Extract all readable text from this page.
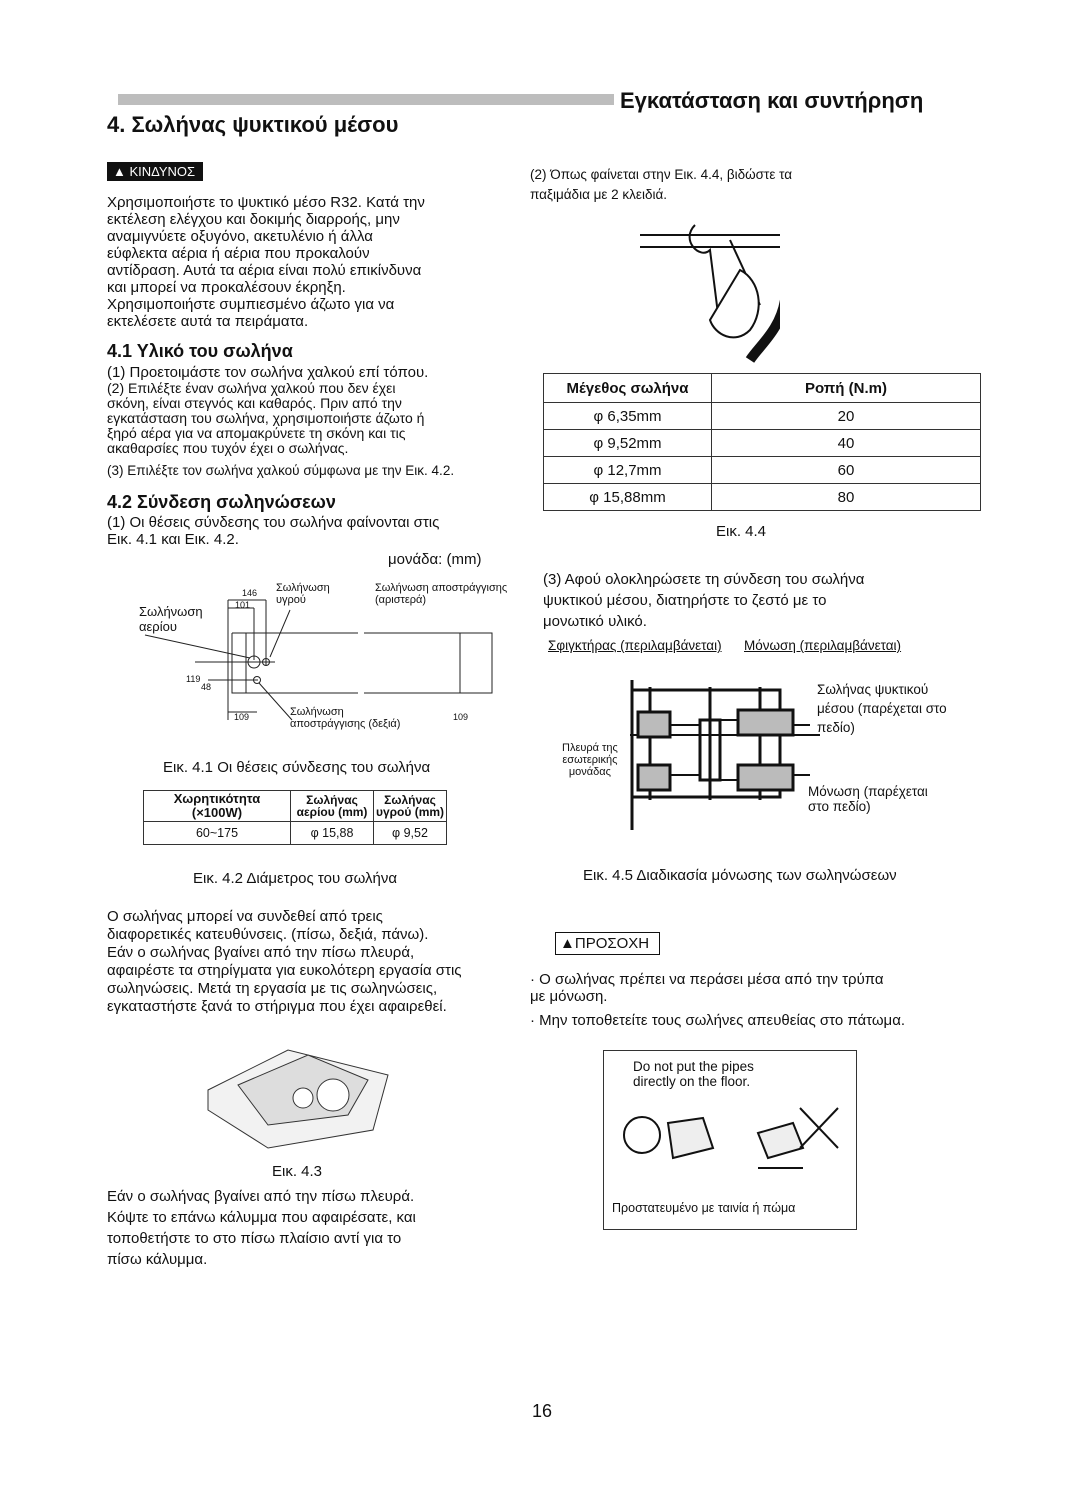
Εγκατάσταση και συντήρηση
4. Σωλήνας ψυκτικού μέσου
▲ ΚΙΝΔΥΝΟΣ
Χρησιμοποιήστε το ψυκτικό μέσο R32. Κατά την
εκτέλεση ελέγχου και δοκιμής διαρροής, μην
αναμιγνύετε οξυγόνο, ακετυλένιο ή άλλα
εύφλεκτα αέρια ή αέρια που προκαλούν
αντίδραση. Αυτά τα αέρια είναι πολύ επικίνδυνα
και μπορεί να προκαλέσουν έκρηξη.
Χρησιμοποιήστε συμπιεσμένο άζωτο για να
εκτελέσετε αυτά τα πειράματα.
4.1 Υλικό του σωλήνα
(1) Προετοιμάστε τον σωλήνα χαλκού επί τόπου.
(2) Επιλέξτε έναν σωλήνα χαλκού που δεν έχει
σκόνη, είναι στεγνός και καθαρός. Πριν από την
εγκατάσταση του σωλήνα, χρησιμοποιήστε άζωτο ή
ξηρό αέρα για να απομακρύνετε τη σκόνη και τις
ακαθαρσίες που τυχόν έχει ο σωλήνας.
(3) Επιλέξτε τον σωλήνα χαλκού σύμφωνα με την Εικ. 4.2.
4.2 Σύνδεση σωληνώσεων
(1) Οι θέσεις σύνδεσης του σωλήνα φαίνονται στις
Εικ. 4.1 και Εικ. 4.2.
μονάδα: (mm)
146
101
119
48
109	109
Σωλήνωση
αερίου
Σωλήνωση
υγρού
Σωλήνωση αποστράγγισης
(αριστερά)
Σωλήνωση
αποστράγγισης (δεξιά)
Εικ. 4.1 Οι θέσεις σύνδεσης του σωλήνα
Χωρητικότητα
(×100W)	Σωλήνας
αερίου (mm)	Σωλήνας
υγρού (mm)
60~175	φ 15,88	φ 9,52
Εικ. 4.2 Διάμετρος του σωλήνα
Ο σωλήνας μπορεί να συνδεθεί από τρεις
διαφορετικές κατευθύνσεις. (πίσω, δεξιά, πάνω).
Εάν ο σωλήνας βγαίνει από την πίσω πλευρά,
αφαιρέστε τα στηρίγματα για ευκολότερη εργασία στις
σωληνώσεις. Μετά τη εργασία με τις σωληνώσεις,
εγκαταστήστε ξανά το στήριγμα που έχει αφαιρεθεί.
Εικ. 4.3
Εάν ο σωλήνας βγαίνει από την πίσω πλευρά.
Κόψτε το επάνω κάλυμμα που αφαιρέσατε, και
τοποθετήστε το στο πίσω πλαίσιο αντί για το
πίσω κάλυμμα.
(2) Όπως φαίνεται στην Εικ. 4.4, βιδώστε τα
παξιμάδια με 2 κλειδιά.
Μέγεθος σωλήνα	Ροπή (N.m)
φ 6,35mm	20
φ 9,52mm	40
φ 12,7mm	60
φ 15,88mm	80
Εικ. 4.4
(3) Αφού ολοκληρώσετε τη σύνδεση του σωλήνα
ψυκτικού μέσου, διατηρήστε το ζεστό με το
μονωτικό υλικό.
Σφιγκτήρας (περιλαμβάνεται) Μόνωση (περιλαμβάνεται)
Πλευρά της
εσωτερικής
μονάδας
Σωλήνας ψυκτικού
μέσου (παρέχεται στο
πεδίο)
Μόνωση (παρέχεται
στο πεδίο)
Εικ. 4.5 Διαδικασία μόνωσης των σωληνώσεων
▲ΠΡΟΣΟΧΗ
· Ο σωλήνας πρέπει να περάσει μέσα από την τρύπα
με μόνωση.
· Μην τοποθετείτε τους σωλήνες απευθείας στο πάτωμα.
Do not put the pipes
directly on the floor.
Προστατευμένο με ταινία ή πώμα
16
